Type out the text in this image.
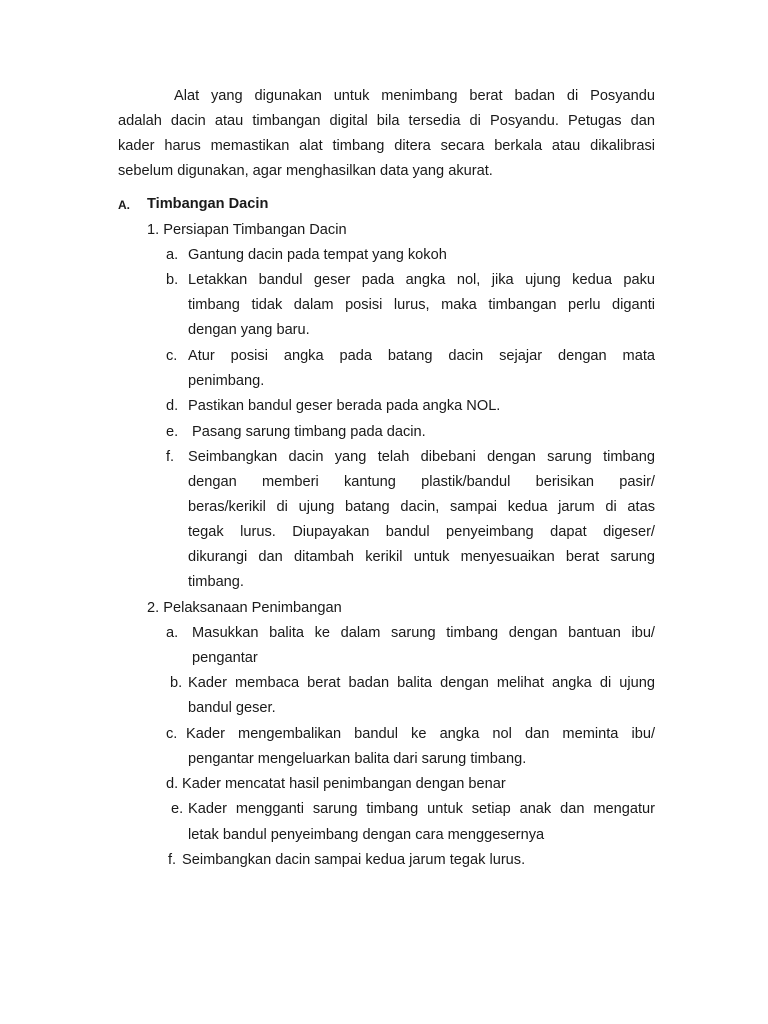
Alat yang digunakan untuk menimbang berat badan di Posyandu
adalah dacin atau timbangan digital bila tersedia di Posyandu. Petugas dan
kader harus memastikan alat timbang ditera secara berkala atau dikalibrasi
sebelum digunakan, agar menghasilkan data yang akurat.
A. Timbangan Dacin
1. Persiapan Timbangan Dacin
a. Gantung dacin pada tempat yang kokoh
b. Letakkan bandul geser pada angka nol, jika ujung kedua paku
timbang tidak dalam posisi lurus, maka timbangan perlu diganti
dengan yang baru.
c. Atur posisi angka pada batang dacin sejajar dengan mata
penimbang.
d. Pastikan bandul geser berada pada angka NOL.
e. Pasang sarung timbang pada dacin.
f. Seimbangkan dacin yang telah dibebani dengan sarung timbang
dengan memberi kantung plastik/bandul berisikan pasir/
beras/kerikil di ujung batang dacin, sampai kedua jarum di atas
tegak lurus. Diupayakan bandul penyeimbang dapat digeser/
dikurangi dan ditambah kerikil untuk menyesuaikan berat sarung
timbang.
2. Pelaksanaan Penimbangan
a. Masukkan balita ke dalam sarung timbang dengan bantuan ibu/
pengantar
b. Kader membaca berat badan balita dengan melihat angka di ujung
bandul geser.
c. Kader mengembalikan bandul ke angka nol dan meminta ibu/
pengantar mengeluarkan balita dari sarung timbang.
d. Kader mencatat hasil penimbangan dengan benar
e. Kader mengganti sarung timbang untuk setiap anak dan mengatur
letak bandul penyeimbang dengan cara menggesernya
f. Seimbangkan dacin sampai kedua jarum tegak lurus.
